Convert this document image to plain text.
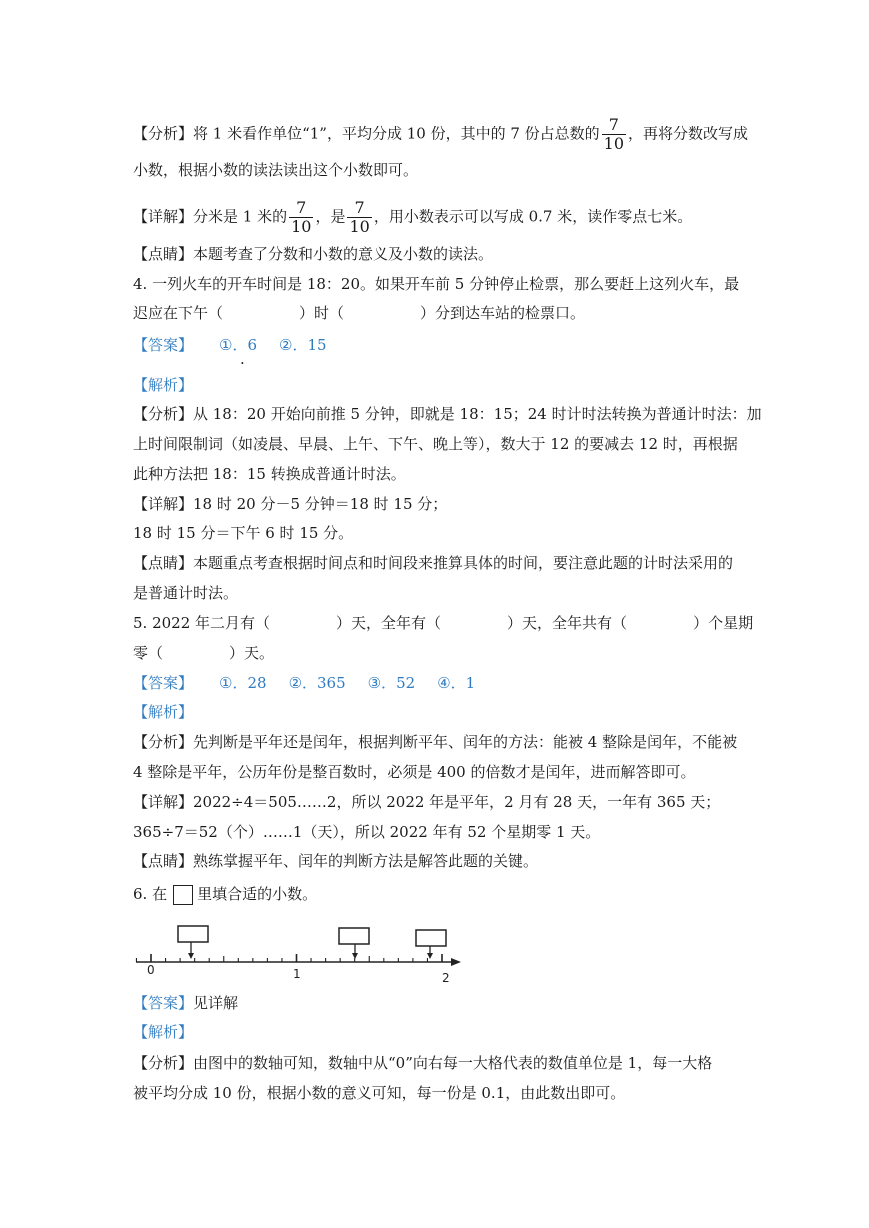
【分析】将 1 米看作单位“1”，平均分成 10 份，其中的 7 份占总数的 $\frac{7}{10}$ ，再将分数改写成
小数，根据小数的读法读出这个小数即可。
【详解】分米是 1 米的 $\frac{7}{10}$ ，是 $\frac{7}{10}$ ，用小数表示可以写成 0.7 米，读作零点七米。
【点睛】本题考查了分数和小数的意义及小数的读法。
4. 一列火车的开车时间是 18：20。如果开车前 5 分钟停止检票，那么要赶上这列火车，最
迟应在下午（	）时（	）分到达车站的检票口。
【答案】 ①．6 ②．15
·
【解析】
【分析】从 18：20 开始向前推 5 分钟，即就是 18：15；24 时计时法转换为普通计时法：加
上时间限制词（如凌晨、早晨、上午、下午、晚上等），数大于 12 的要减去 12 时，再根据
此种方法把 18：15 转换成普通计时法。
【详解】18 时 20 分－5 分钟＝18 时 15 分；
18 时 15 分＝下午 6 时 15 分。
【点睛】本题重点考查根据时间点和时间段来推算具体的时间，要注意此题的计时法采用的
是普通计时法。
5. 2022 年二月有（	）天，全年有（	）天，全年共有（	）个星期
零（	）天。
【答案】 ①．28 ②．365 ③．52 ④．1
【解析】
【分析】先判断是平年还是闰年，根据判断平年、闰年的方法：能被 4 整除是闰年，不能被
4 整除是平年，公历年份是整百数时，必须是 400 的倍数才是闰年，进而解答即可。
【详解】2022÷4＝505……2，所以 2022 年是平年，2 月有 28 天，一年有 365 天；
365÷7＝52（个）……1（天），所以 2022 年有 52 个星期零 1 天。
【点睛】熟练掌握平年、闰年的判断方法是解答此题的关键。
6. 在 里填合适的小数。
0	1	2
【答案】见详解
【解析】
【分析】由图中的数轴可知，数轴中从“0”向右每一大格代表的数值单位是 1，每一大格
被平均分成 10 份，根据小数的意义可知，每一份是 0.1，由此数出即可。
